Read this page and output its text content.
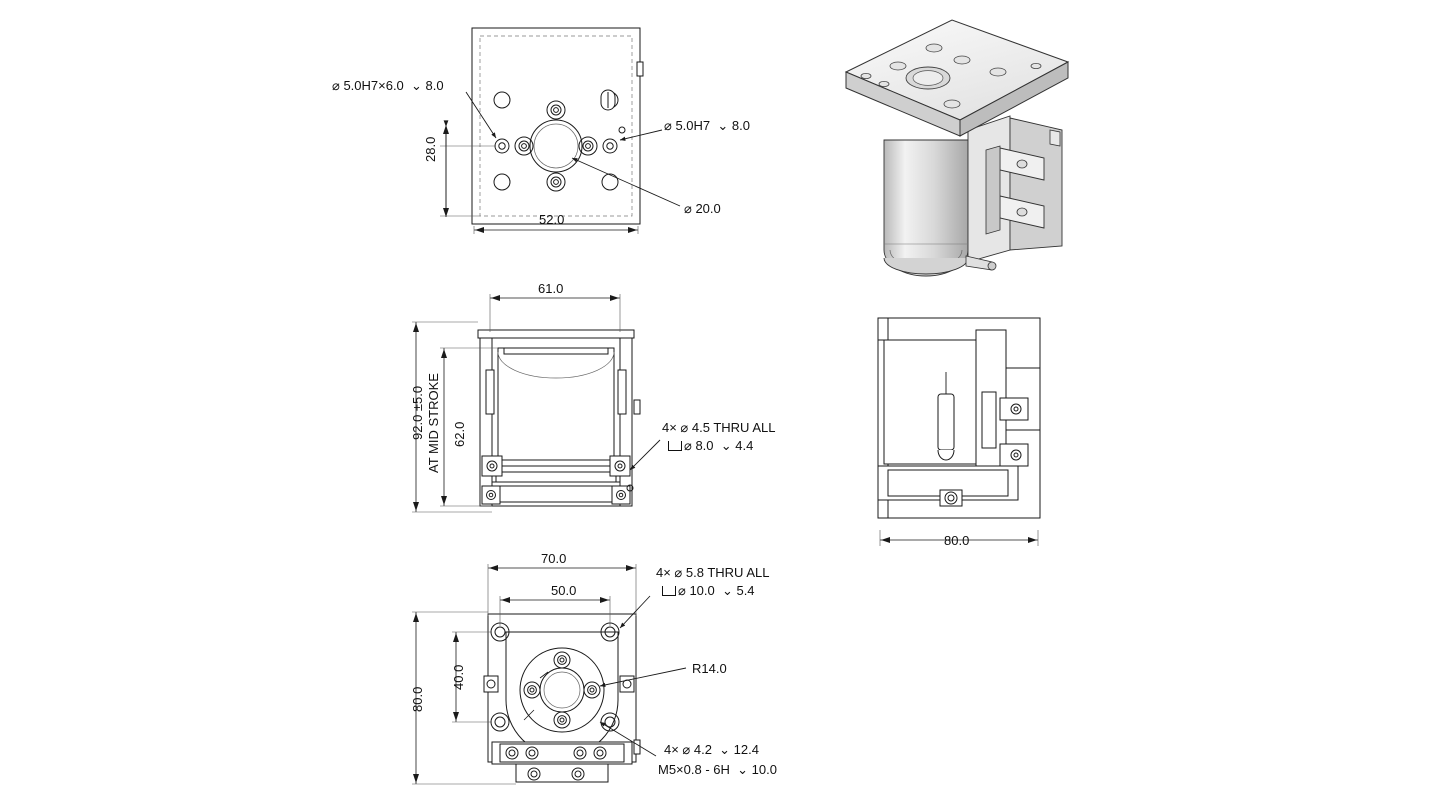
⌀ 5.0H7×6.0  ⌄ 8.0
⌀ 5.0H7  ⌄ 8.0
⌀ 20.0
28.0
52.0
61.0
62.0
92.0 ±5.0 AT MID STROKE	4× ⌀ 4.5 THRU ALL
⌀ 8.0  ⌄ 4.4
70.0
50.0
80.0
40.0	R14.0
4× ⌀ 5.8 THRU ALL
⌀ 10.0  ⌄ 5.4
4× ⌀ 4.2  ⌄ 12.4
M5×0.8 - 6H  ⌄ 10.0
80.0
